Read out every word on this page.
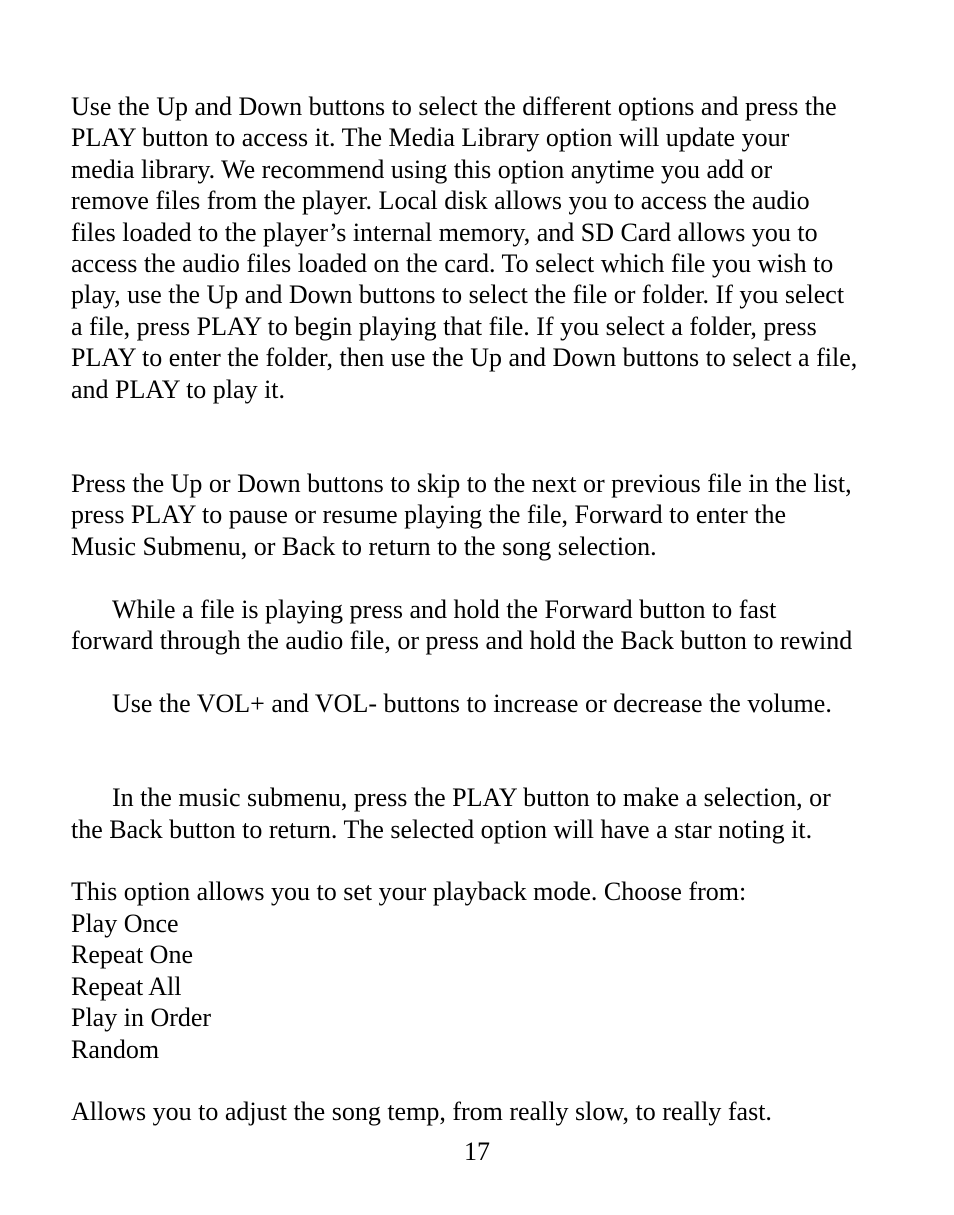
Use the Up and Down buttons to select the different options and press the
PLAY button to access it. The Media Library option will update your
media library. We recommend using this option anytime you add or
remove files from the player. Local disk allows you to access the audio
files loaded to the player’s internal memory, and SD Card allows you to
access the audio files loaded on the card. To select which file you wish to
play, use the Up and Down buttons to select the file or folder. If you select
a file, press PLAY to begin playing that file. If you select a folder, press
PLAY to enter the folder, then use the Up and Down buttons to select a file,
and PLAY to play it.

Press the Up or Down buttons to skip to the next or previous file in the list,
press PLAY to pause or resume playing the file, Forward to enter the
Music Submenu, or Back to return to the song selection.

While a file is playing press and hold the Forward button to fast
forward through the audio file, or press and hold the Back button to rewind

Use the VOL+ and VOL- buttons to increase or decrease the volume.

In the music submenu, press the PLAY button to make a selection, or
the Back button to return. The selected option will have a star noting it.

This option allows you to set your playback mode. Choose from:

Play Once
Repeat One
Repeat All
Play in Order
Random

Allows you to adjust the song temp, from really slow, to really fast.

17
